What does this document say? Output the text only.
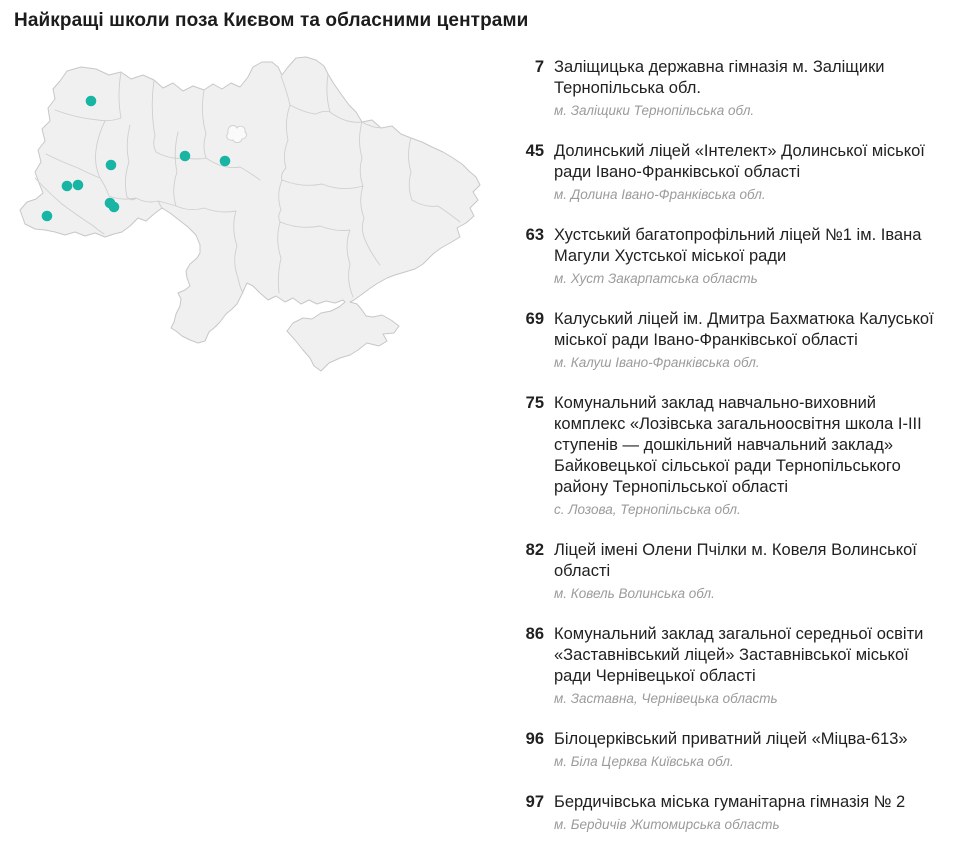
Найкращі школи поза Києвом та обласними центрами
7 Заліщицька державна гімназія м. Заліщики Тернопільська обл.
м. Заліщики Тернопільська обл.
45 Долинський ліцей «Інтелект» Долинської міської ради Івано-Франківської області
м. Долина Івано-Франківська обл.
63 Хустський багатопрофільний ліцей №1 ім. Івана Магули Хустської міської ради
м. Хуст Закарпатська область
69 Калуський ліцей ім. Дмитра Бахматюка Калуської міської ради Івано-Франківської області
м. Калуш Івано-Франківська обл.
75 Комунальний заклад навчально-виховний комплекс «Лозівська загальноосвітня школа І-ІІІ ступенів — дошкільний навчальний заклад» Байковецької сільської ради Тернопільського району Тернопільської області
с. Лозова, Тернопільська обл.
82 Ліцей імені Олени Пчілки м. Ковеля Волинської області
м. Ковель Волинська обл.
86 Комунальний заклад загальної середньої освіти «Заставнівський ліцей» Заставнівської міської ради Чернівецької області
м. Заставна, Чернівецька область
96 Білоцерківський приватний ліцей «Міцва-613»
м. Біла Церква Київська обл.
97 Бердичівська міська гуманітарна гімназія № 2
м. Бердичів Житомирська область
